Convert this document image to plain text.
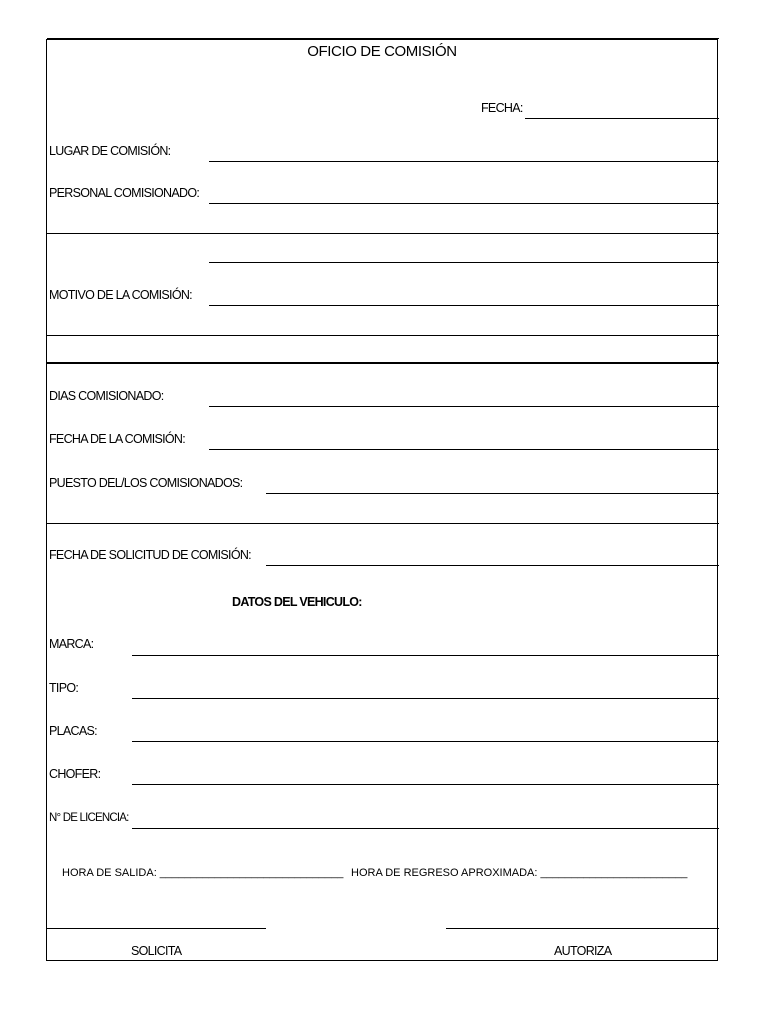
OFICIO DE COMISIÓN
FECHA:
LUGAR DE COMISIÓN:
PERSONAL COMISIONADO:
MOTIVO DE LA COMISIÓN:
DIAS COMISIONADO:
FECHA DE LA COMISIÓN:
PUESTO DEL/LOS COMISIONADOS:
FECHA DE SOLICITUD DE COMISIÓN:
DATOS DEL VEHICULO:
MARCA:
TIPO:
PLACAS:
CHOFER:
N° DE LICENCIA:
HORA DE SALIDA: ______________________________ HORA DE REGRESO APROXIMADA: ________________________
SOLICITA	AUTORIZA
